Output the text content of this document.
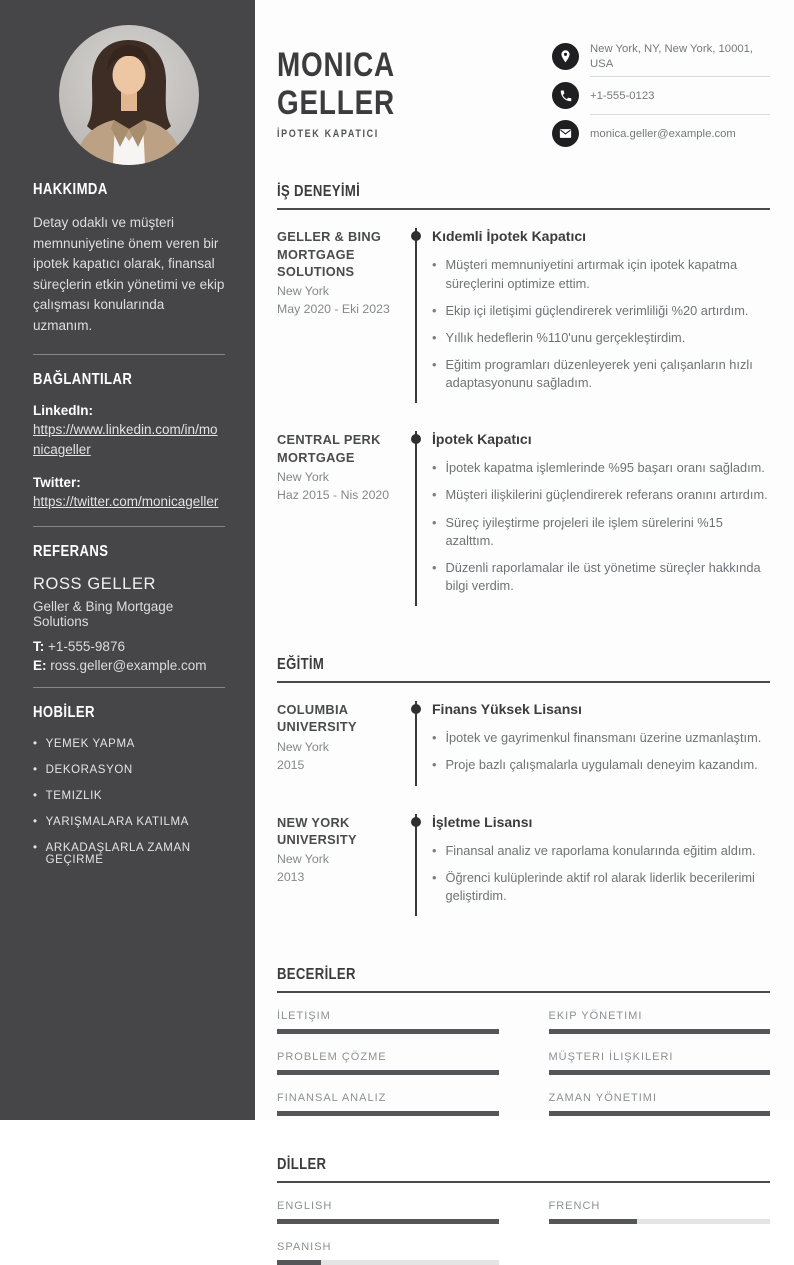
HAKKIMDA

Detay odaklı ve müşteri memnuniyetine önem veren bir ipotek kapatıcı olarak, finansal süreçlerin etkin yönetimi ve ekip çalışması konularında uzmanım.

BAĞLANTILAR
LinkedIn:
https://www.linkedin.com/in/monicageller
Twitter:
https://twitter.com/monicageller
REFERANS
ROSS GELLER
Geller & Bing Mortgage Solutions
T: +1-555-9876
E: ross.geller@example.com
HOBİLER
• YEMEK YAPMA
• DEKORASYON
• TEMIZLIK
• YARIŞMALARA KATILMA
• ARKADAŞLARLA ZAMAN GEÇIRME
MONICA
GELLER
İPOTEK KAPATICI
New York, NY, New York, 10001, USA
+1-555-0123
monica.geller@example.com
İŞ DENEYİMİ
GELLER & BING MORTGAGE SOLUTIONS
New York
May 2020 - Eki 2023
Kıdemli İpotek Kapatıcı
• Müşteri memnuniyetini artırmak için ipotek kapatma süreçlerini optimize ettim.
• Ekip içi iletişimi güçlendirerek verimliliği %20 artırdım.
• Yıllık hedeflerin %110'unu gerçekleştirdim.
• Eğitim programları düzenleyerek yeni çalışanların hızlı adaptasyonunu sağladım.
CENTRAL PERK MORTGAGE
New York
Haz 2015 - Nis 2020
İpotek Kapatıcı
• İpotek kapatma işlemlerinde %95 başarı oranı sağladım.
• Müşteri ilişkilerini güçlendirerek referans oranını artırdım.
• Süreç iyileştirme projeleri ile işlem sürelerini %15 azalttım.
• Düzenli raporlamalar ile üst yönetime süreçler hakkında bilgi verdim.
EĞİTİM
COLUMBIA UNIVERSITY
New York
2015
Finans Yüksek Lisansı
• İpotek ve gayrimenkul finansmanı üzerine uzmanlaştım.
• Proje bazlı çalışmalarla uygulamalı deneyim kazandım.
NEW YORK UNIVERSITY
New York
2013
İşletme Lisansı
• Finansal analiz ve raporlama konularında eğitim aldım.
• Öğrenci kulüplerinde aktif rol alarak liderlik becerilerimi geliştirdim.
BECERİLER
İLETIŞIM	EKIP YÖNETIMI
PROBLEM ÇÖZME	MÜŞTERI İLIŞKILERI
FINANSAL ANALIZ	ZAMAN YÖNETIMI
DİLLER
ENGLISH	FRENCH
SPANISH
